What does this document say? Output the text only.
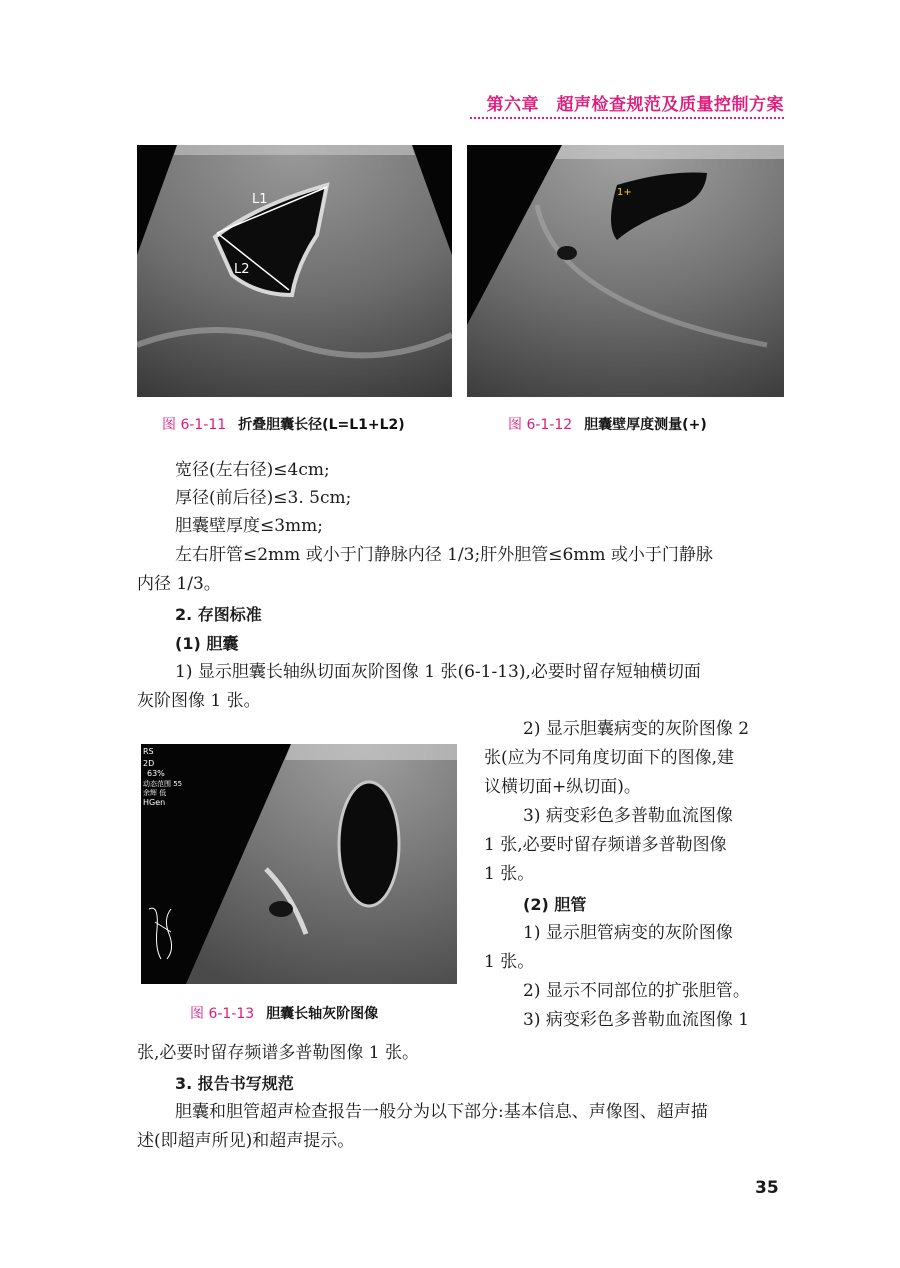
第六章　超声检查规范及质量控制方案
L1
L2
图 6-1-11 折叠胆囊长径(L=L1+L2)
1+
图 6-1-12 胆囊壁厚度测量(+)
宽径(左右径)≤4cm;
厚径(前后径)≤3. 5cm;
胆囊壁厚度≤3mm;
左右肝管≤2mm 或小于门静脉内径 1/3;肝外胆管≤6mm 或小于门静脉
内径 1/3。
2. 存图标准
(1) 胆囊
1) 显示胆囊长轴纵切面灰阶图像 1 张(6-1-13),必要时留存短轴横切面
灰阶图像 1 张。
RS
2D
63%
动态范围 55
余辉 低
HGen
图 6-1-13 胆囊长轴灰阶图像
2) 显示胆囊病变的灰阶图像 2
张(应为不同角度切面下的图像,建
议横切面+纵切面)。
3) 病变彩色多普勒血流图像
1 张,必要时留存频谱多普勒图像
1 张。
(2) 胆管
1) 显示胆管病变的灰阶图像
1 张。
2) 显示不同部位的扩张胆管。
3) 病变彩色多普勒血流图像 1
张,必要时留存频谱多普勒图像 1 张。
3. 报告书写规范
胆囊和胆管超声检查报告一般分为以下部分:基本信息、声像图、超声描
述(即超声所见)和超声提示。
35
